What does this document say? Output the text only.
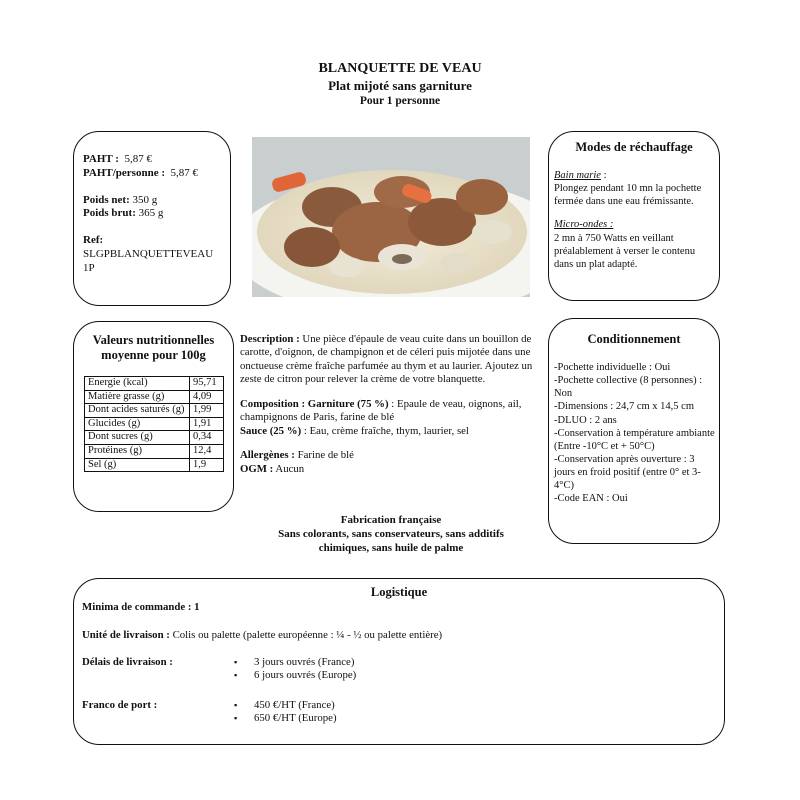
BLANQUETTE DE VEAU
Plat mijoté sans garniture
Pour 1 personne
PAHT : 5,87 €
PAHT/personne : 5,87 €
Poids net: 350 g
Poids brut: 365 g
Ref:
SLGPBLANQUETTEVEAU
1P
Modes de réchauffage
Bain marie :
Plongez pendant 10 mn la pochette fermée dans une eau frémissante.
Micro-ondes :
2 mn à 750 Watts en veillant préalablement à verser le contenu dans un plat adapté.
Valeurs nutritionnelles moyenne pour 100g
Energie (kcal)	95,71
Matière grasse (g)	4,09
Dont acides saturés (g)	1,99
Glucides (g)	1,91
Dont sucres (g)	0,34
Protéines (g)	12,4
Sel (g)	1,9
Description : Une pièce d'épaule de veau cuite dans un bouillon de carotte, d'oignon, de champignon et de céleri puis mijotée dans une onctueuse crème fraîche parfumée au thym et au laurier. Ajoutez un zeste de citron pour relever la crème de votre blanquette.
Composition : Garniture (75 %) : Epaule de veau, oignons, ail, champignons de Paris, farine de blé
Sauce (25 %) : Eau, crème fraîche, thym, laurier, sel
Allergènes : Farine de blé
OGM : Aucun
Fabrication française
Sans colorants, sans conservateurs, sans additifs
chimiques, sans huile de palme
Conditionnement
-Pochette individuelle : Oui
-Pochette collective (8 personnes) : Non
-Dimensions : 24,7 cm x 14,5 cm
-DLUO : 2 ans
-Conservation à température ambiante (Entre -10°C et + 50°C)
-Conservation après ouverture : 3 jours en froid positif (entre 0° et 3-4°C)
-Code EAN : Oui
Logistique
Minima de commande : 1
Unité de livraison : Colis ou palette (palette européenne : ¼ - ½ ou palette entière)
Délais de livraison :	▪ 3 jours ouvrés (France)
▪ 6 jours ouvrés (Europe)
Franco de port :	▪ 450 €/HT (France)
▪ 650 €/HT (Europe)
